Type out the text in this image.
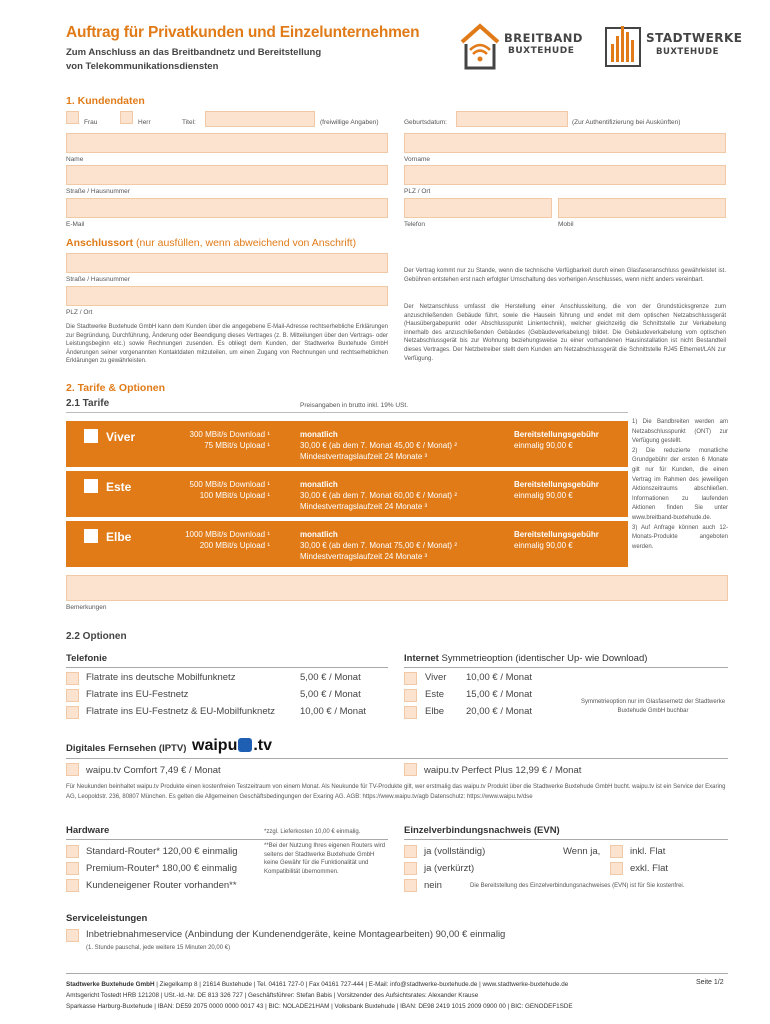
Auftrag für Privatkunden und Einzelunternehmen
Zum Anschluss an das Breitbandnetz und Bereitstellung
von Telekommunikationsdiensten
BREITBAND
BUXTEHUDE
STADTWERKE
BUXTEHUDE
1. Kundendaten
Frau	Herr	Titel:	(freiwillige Angaben)	Geburtsdatum:	(Zur Authentifizierung bei Auskünften)
Name	Vorname
Straße / Hausnummer	PLZ / Ort
E-Mail	Telefon	Mobil
Anschlussort (nur ausfüllen, wenn abweichend von Anschrift)
Straße / Hausnummer
PLZ / Ort
Die Stadtwerke Buxtehude GmbH kann dem Kunden über die angegebene E-Mail-Adresse rechtserhebliche Erklärungen zur Begründung, Durchführung, Änderung oder Beendigung dieses Vertrages (z. B. Mitteilungen über den Vertrags- oder Leistungsbeginn etc.) sowie Rechnungen zusenden. Es obliegt dem Kunden, der Stadtwerke Buxtehude GmbH Änderungen seiner vorgenannten Kontaktdaten mitzuteilen, um einen Zugang von Rechnungen und rechtserheblichen Erklärungen zu gewährleisten.
Der Vertrag kommt nur zu Stande, wenn die technische Verfügbarkeit durch einen Glasfaseranschluss gewährleistet ist. Gebühren entstehen erst nach erfolgter Umschaltung des vorherigen Anschlusses, wenn nicht anders vereinbart.
Der Netzanschluss umfasst die Herstellung einer Anschlussleitung, die von der Grundstücksgrenze zum anzuschließenden Gebäude führt, sowie die Hausein führung und endet mit dem optischen Netzabschlussgerät (Hausübergabepunkt oder Abschlusspunkt Linientechnik), welcher gleichzeitig die Schnittstelle zur Verkabelung innerhalb des anzuschließenden Gebäudes (Gebäudeverkabelung) bildet. Die Gebäudeverkabelung vom optischen Netzabschlussgerät bis zur Wohnung beziehungsweise zu einer vorhandenen Hausinstallation ist nicht Bestandteil dieses Vertrages. Der Netzbetreiber stellt dem Kunden am Netzabschlussgerät die Schnittstelle RJ45 Ethernet/LAN zur Verfügung.
2. Tarife & Optionen
2.1 Tarife	Preisangaben in brutto inkl. 19% USt.
Viver	300 MBit/s Download ¹
75 MBit/s Upload ¹
monatlich
30,00 € (ab dem 7. Monat 45,00 € / Monat) ²
Mindestvertragslaufzeit 24 Monate ³
Bereitstellungsgebühr
einmalig 90,00 €
Este	500 MBit/s Download ¹
100 MBit/s Upload ¹
monatlich
30,00 € (ab dem 7. Monat 60,00 € / Monat) ²
Mindestvertragslaufzeit 24 Monate ³
Bereitstellungsgebühr
einmalig 90,00 €
Elbe	1000 MBit/s Download ¹
200 MBit/s Upload ¹
monatlich
30,00 € (ab dem 7. Monat 75,00 € / Monat) ²
Mindestvertragslaufzeit 24 Monate ³
Bereitstellungsgebühr
einmalig 90,00 €
1) Die Bandbreiten werden am Netzabschlusspunkt (ONT) zur Verfügung gestellt.
2) Die reduzierte monatliche Grundgebühr der ersten 6 Monate gilt nur für Kunden, die einen Vertrag im Rahmen des jeweiligen Aktionszeitraums abschließen. Informationen zu laufenden Aktionen finden Sie unter www.breitband-buxtehude.de.
3) Auf Anfrage können auch 12-Monats-Produkte angeboten werden.
Bemerkungen
2.2 Optionen
Telefonie
Flatrate ins deutsche Mobilfunknetz	5,00 € / Monat
Flatrate ins EU-Festnetz	5,00 € / Monat
Flatrate ins EU-Festnetz & EU-Mobilfunknetz	10,00 € / Monat
Internet Symmetrieoption (identischer Up- wie Download)
Viver 10,00 € / Monat
Este 15,00 € / Monat
Elbe 20,00 € / Monat
Symmetrieoption nur im Glasfasernetz der Stadtwerke Buxtehude GmbH buchbar
Digitales Fernsehen (IPTV) waipu .tv
waipu.tv Comfort 7,49 € / Monat	waipu.tv Perfect Plus 12,99 € / Monat
Für Neukunden beinhaltet waipu.tv Produkte einen kostenfreien Testzeitraum von einem Monat. Als Neukunde für TV-Produkte gilt, wer erstmalig das waipu.tv Produkt über die Stadtwerke Buxtehude GmbH bucht. waipu.tv ist ein Service der Exaring AG, Leopoldstr. 236, 80807 München. Es gelten die Allgemeinen Geschäftsbedingungen der Exaring AG. AGB: https://www.waipu.tv/agb Datenschutz: https://www.waipu.tv/dse
Hardware
Standard-Router* 120,00 € einmalig
Premium-Router* 180,00 € einmalig
Kundeneigener Router vorhanden**
*zzgl. Lieferkosten 10,00 € einmalig.
**Bei der Nutzung Ihres eigenen Routers wird seitens der Stadtwerke Buxtehude GmbH keine Gewähr für die Funktionalität und Kompatibilität übernommen.
Einzelverbindungsnachweis (EVN)
ja (vollständig)
ja (verkürzt)
nein
Wenn ja,	inkl. Flat
exkl. Flat
Die Bereitstellung des Einzelverbindungsnachweises (EVN) ist für Sie kostenfrei.
Serviceleistungen
Inbetriebnahmeservice (Anbindung der Kundenendgeräte, keine Montagearbeiten) 90,00 € einmalig
(1. Stunde pauschal, jede weitere 15 Minuten 20,00 €)
Stadtwerke Buxtehude GmbH | Ziegelkamp 8 | 21614 Buxtehude | Tel. 04161 727-0 | Fax 04161 727-444 | E-Mail: info@stadtwerke-buxtehude.de | www.stadtwerke-buxtehude.de
Amtsgericht Tostedt HRB 121208 | USt.-Id.-Nr. DE 813 326 727 | Geschäftsführer: Stefan Babis | Vorsitzender des Aufsichtsrates: Alexander Krause
Sparkasse Harburg-Buxtehude | IBAN: DE59 2075 0000 0000 0017 43 | BIC: NOLADE21HAM | Volksbank Buxtehude | IBAN: DE98 2419 1015 2009 0900 00 | BIC: GENODEF1SDE
Seite 1/2
